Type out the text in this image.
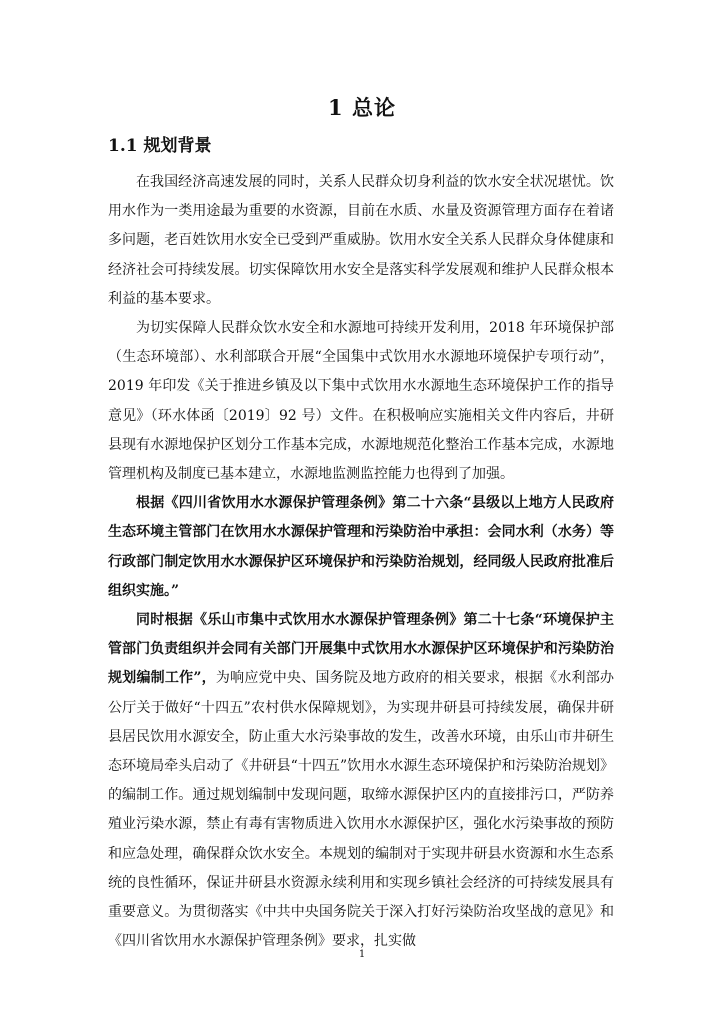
1 总论
1.1 规划背景

在我国经济高速发展的同时，关系人民群众切身利益的饮水安全状况堪忧。饮用水作为一类用途最为重要的水资源，目前在水质、水量及资源管理方面存在着诸多问题，老百姓饮用水安全已受到严重威胁。饮用水安全关系人民群众身体健康和经济社会可持续发展。切实保障饮用水安全是落实科学发展观和维护人民群众根本利益的基本要求。

为切实保障人民群众饮水安全和水源地可持续开发利用，2018 年环境保护部（生态环境部）、水利部联合开展“全国集中式饮用水水源地环境保护专项行动”，2019 年印发《关于推进乡镇及以下集中式饮用水水源地生态环境保护工作的指导意见》（环水体函〔2019〕92 号）文件。在积极响应实施相关文件内容后，井研县现有水源地保护区划分工作基本完成，水源地规范化整治工作基本完成，水源地管理机构及制度已基本建立，水源地监测监控能力也得到了加强。

根据《四川省饮用水水源保护管理条例》第二十六条“县级以上地方人民政府生态环境主管部门在饮用水水源保护管理和污染防治中承担：会同水利（水务）等行政部门制定饮用水水源保护区环境保护和污染防治规划，经同级人民政府批准后组织实施。”

同时根据《乐山市集中式饮用水水源保护管理条例》第二十七条“环境保护主管部门负责组织并会同有关部门开展集中式饮用水水源保护区环境保护和污染防治规划编制工作”，为响应党中央、国务院及地方政府的相关要求，根据《水利部办公厅关于做好“十四五”农村供水保障规划》，为实现井研县可持续发展，确保井研县居民饮用水源安全，防止重大水污染事故的发生，改善水环境，由乐山市井研生态环境局牵头启动了《井研县“十四五”饮用水水源生态环境保护和污染防治规划》的编制工作。通过规划编制中发现问题，取缔水源保护区内的直接排污口，严防养殖业污染水源，禁止有毒有害物质进入饮用水水源保护区，强化水污染事故的预防和应急处理，确保群众饮水安全。本规划的编制对于实现井研县水资源和水生态系统的良性循环，保证井研县水资源永续利用和实现乡镇社会经济的可持续发展具有重要意义。为贯彻落实《中共中央国务院关于深入打好污染防治攻坚战的意见》和《四川省饮用水水源保护管理条例》要求，扎实做

1
